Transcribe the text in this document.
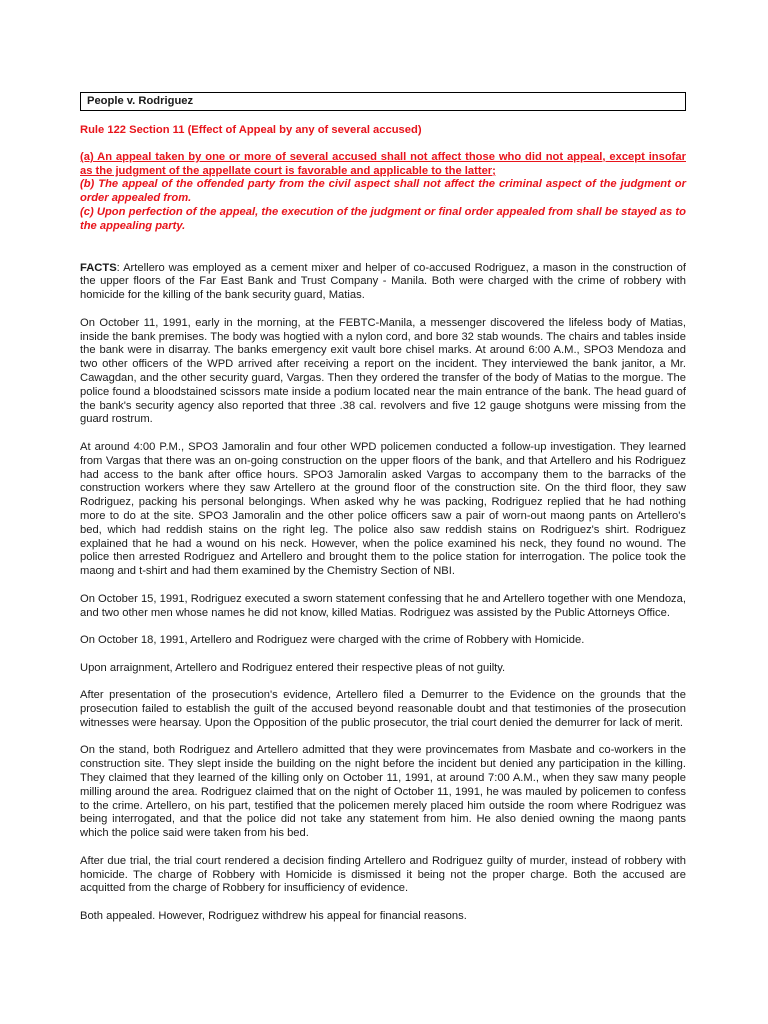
People v. Rodriguez

Rule 122 Section 11 (Effect of Appeal by any of several accused)

(a) An appeal taken by one or more of several accused shall not affect those who did not appeal, except insofar as the judgment of the appellate court is favorable and applicable to the latter;

(b) The appeal of the offended party from the civil aspect shall not affect the criminal aspect of the judgment or order appealed from.

(c) Upon perfection of the appeal, the execution of the judgment or final order appealed from shall be stayed as to the appealing party.

FACTS: Artellero was employed as a cement mixer and helper of co-accused Rodriguez, a mason in the construction of the upper floors of the Far East Bank and Trust Company - Manila. Both were charged with the crime of robbery with homicide for the killing of the bank security guard, Matias.

On October 11, 1991, early in the morning, at the FEBTC-Manila, a messenger discovered the lifeless body of Matias, inside the bank premises. The body was hogtied with a nylon cord, and bore 32 stab wounds. The chairs and tables inside the bank were in disarray. The banks emergency exit vault bore chisel marks. At around 6:00 A.M., SPO3 Mendoza and two other officers of the WPD arrived after receiving a report on the incident. They interviewed the bank janitor, a Mr. Cawagdan, and the other security guard, Vargas. Then they ordered the transfer of the body of Matias to the morgue. The police found a bloodstained scissors mate inside a podium located near the main entrance of the bank. The head guard of the bank's security agency also reported that three .38 cal. revolvers and five 12 gauge shotguns were missing from the guard rostrum.

At around 4:00 P.M., SPO3 Jamoralin and four other WPD policemen conducted a follow-up investigation. They learned from Vargas that there was an on-going construction on the upper floors of the bank, and that Artellero and his Rodriguez had access to the bank after office hours. SPO3 Jamoralin asked Vargas to accompany them to the barracks of the construction workers where they saw Artellero at the ground floor of the construction site. On the third floor, they saw Rodriguez, packing his personal belongings. When asked why he was packing, Rodriguez replied that he had nothing more to do at the site. SPO3 Jamoralin and the other police officers saw a pair of worn-out maong pants on Artellero's bed, which had reddish stains on the right leg. The police also saw reddish stains on Rodriguez's shirt. Rodriguez explained that he had a wound on his neck. However, when the police examined his neck, they found no wound. The police then arrested Rodriguez and Artellero and brought them to the police station for interrogation. The police took the maong and t-shirt and had them examined by the Chemistry Section of NBI.

On October 15, 1991, Rodriguez executed a sworn statement confessing that he and Artellero together with one Mendoza, and two other men whose names he did not know, killed Matias. Rodriguez was assisted by the Public Attorneys Office.

On October 18, 1991, Artellero and Rodriguez were charged with the crime of Robbery with Homicide.

Upon arraignment, Artellero and Rodriguez entered their respective pleas of not guilty.

After presentation of the prosecution's evidence, Artellero filed a Demurrer to the Evidence on the grounds that the prosecution failed to establish the guilt of the accused beyond reasonable doubt and that testimonies of the prosecution witnesses were hearsay. Upon the Opposition of the public prosecutor, the trial court denied the demurrer for lack of merit.

On the stand, both Rodriguez and Artellero admitted that they were provincemates from Masbate and co-workers in the construction site. They slept inside the building on the night before the incident but denied any participation in the killing. They claimed that they learned of the killing only on October 11, 1991, at around 7:00 A.M., when they saw many people milling around the area. Rodriguez claimed that on the night of October 11, 1991, he was mauled by policemen to confess to the crime. Artellero, on his part, testified that the policemen merely placed him outside the room where Rodriguez was being interrogated, and that the police did not take any statement from him. He also denied owning the maong pants which the police said were taken from his bed.

After due trial, the trial court rendered a decision finding Artellero and Rodriguez guilty of murder, instead of robbery with homicide. The charge of Robbery with Homicide is dismissed it being not the proper charge. Both the accused are acquitted from the charge of Robbery for insufficiency of evidence.

Both appealed. However, Rodriguez withdrew his appeal for financial reasons.
